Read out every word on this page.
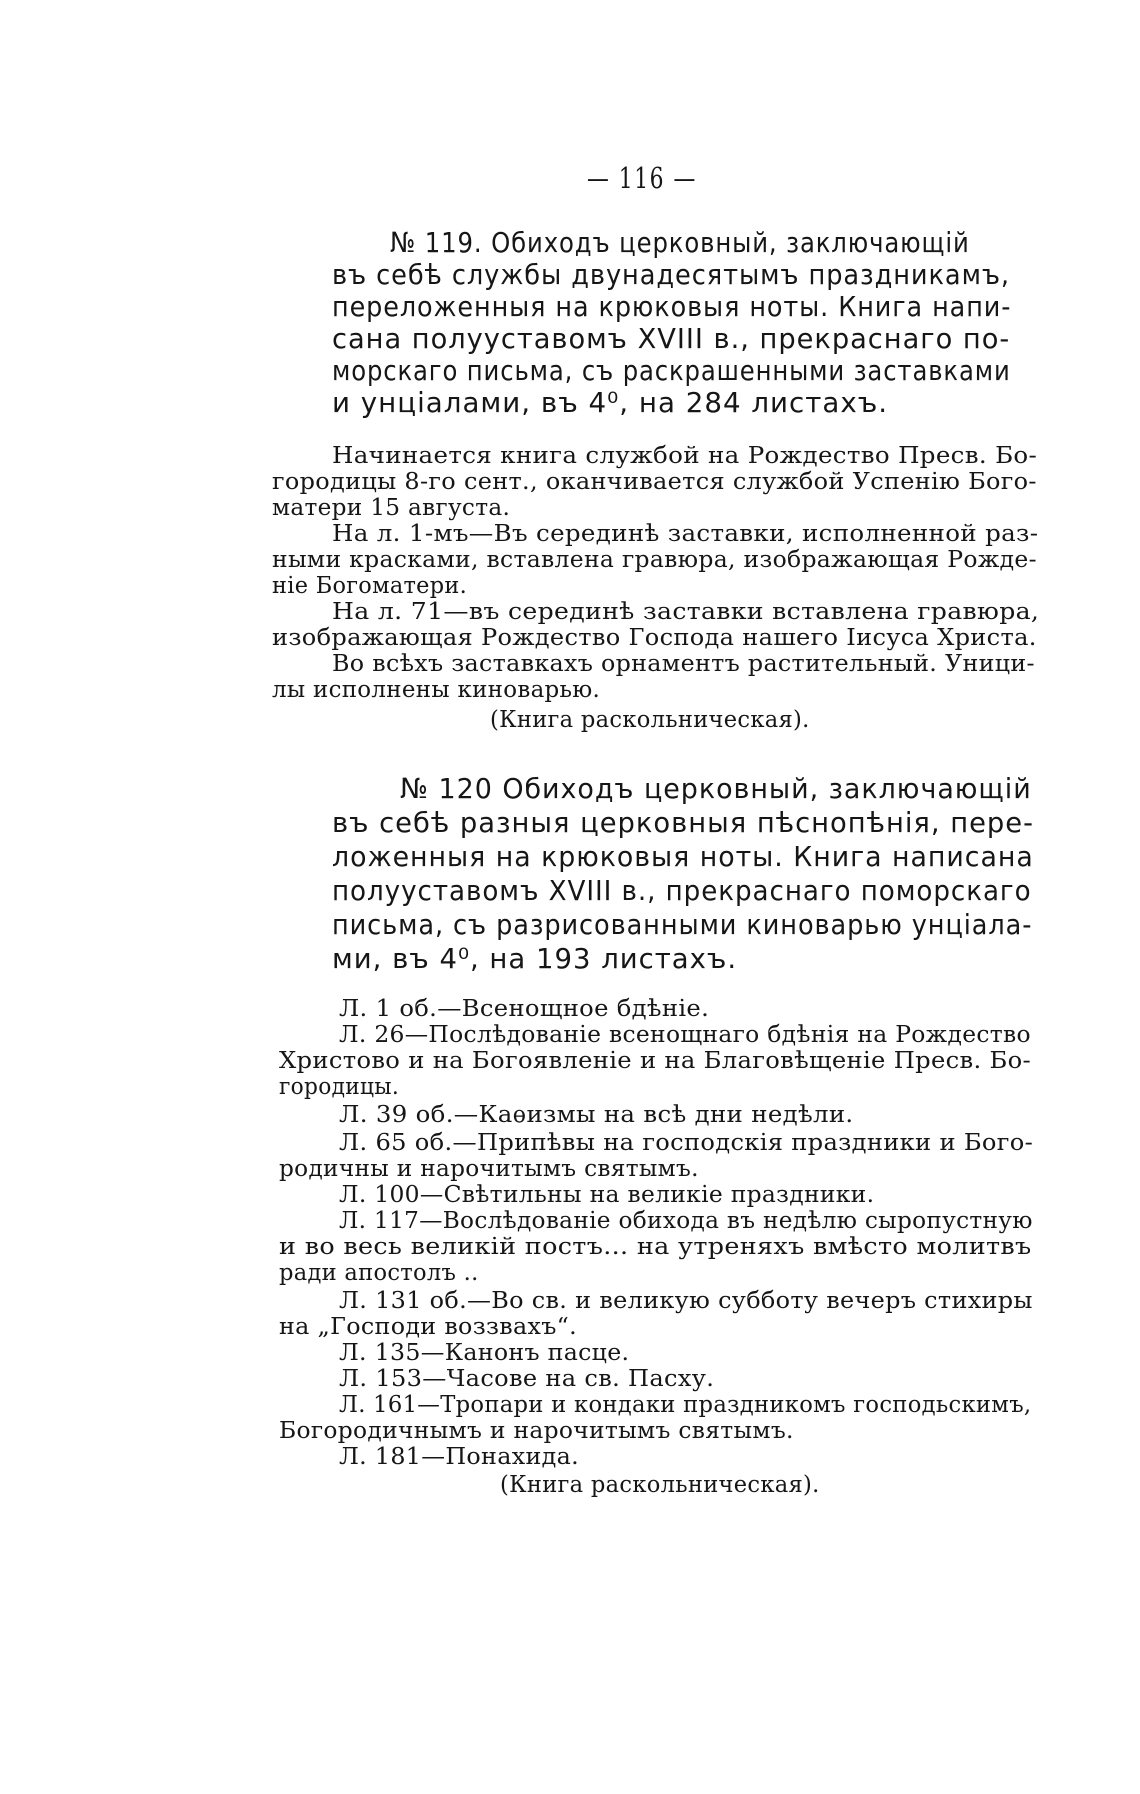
— 116 —

№ 119. Обиходъ церковный, заключающій

въ себѣ службы двунадесятымъ праздникамъ,

переложенныя на крюковыя ноты. Книга напи-

сана полууставомъ XVIII в., прекраснаго по-

морскаго письма, съ раскрашенными заставками

и унціалами, въ 4⁰, на 284 листахъ.

Начинается книга службой на Рождество Пресв. Бо-

городицы 8-го сент., оканчивается службой Успенію Бого-

матери 15 августа.

На л. 1-мъ—Въ серединѣ заставки, исполненной раз-

ными красками, вставлена гравюра, изображающая Рожде-

ніе Богоматери.

На л. 71—въ серединѣ заставки вставлена гравюра,

изображающая Рождество Господа нашего Іисуса Христа.

Во всѣхъ заставкахъ орнаментъ растительный. Уници-

лы исполнены киноварью.

(Книга раскольническая).

№ 120 Обиходъ церковный, заключающій

въ себѣ разныя церковныя пѣснопѣнія, пере-

ложенныя на крюковыя ноты. Книга написана

полууставомъ XVIII в., прекраснаго поморскаго

письма, съ разрисованными киноварью унціала-

ми, въ 4⁰, на 193 листахъ.

Л. 1 об.—Всенощное бдѣніе.

Л. 26—Послѣдованіе всенощнаго бдѣнія на Рождество

Христово и на Богоявленіе и на Благовѣщеніе Пресв. Бо-

городицы.

Л. 39 об.—Каѳизмы на всѣ дни недѣли.

Л. 65 об.—Припѣвы на господскія праздники и Бого-

родичны и нарочитымъ святымъ.

Л. 100—Свѣтильны на великіе праздники.

Л. 117—Вослѣдованіе обихода въ недѣлю сыропустную

и во весь великій постъ... на утреняхъ вмѣсто молитвъ

ради апостолъ ..

Л. 131 об.—Во св. и великую субботу вечеръ стихиры

на „Господи воззвахъ“.

Л. 135—Канонъ пасце.

Л. 153—Часове на св. Пасху.

Л. 161—Тропари и кондаки праздникомъ господьскимъ,

Богородичнымъ и нарочитымъ святымъ.

Л. 181—Понахида.

(Книга раскольническая).
